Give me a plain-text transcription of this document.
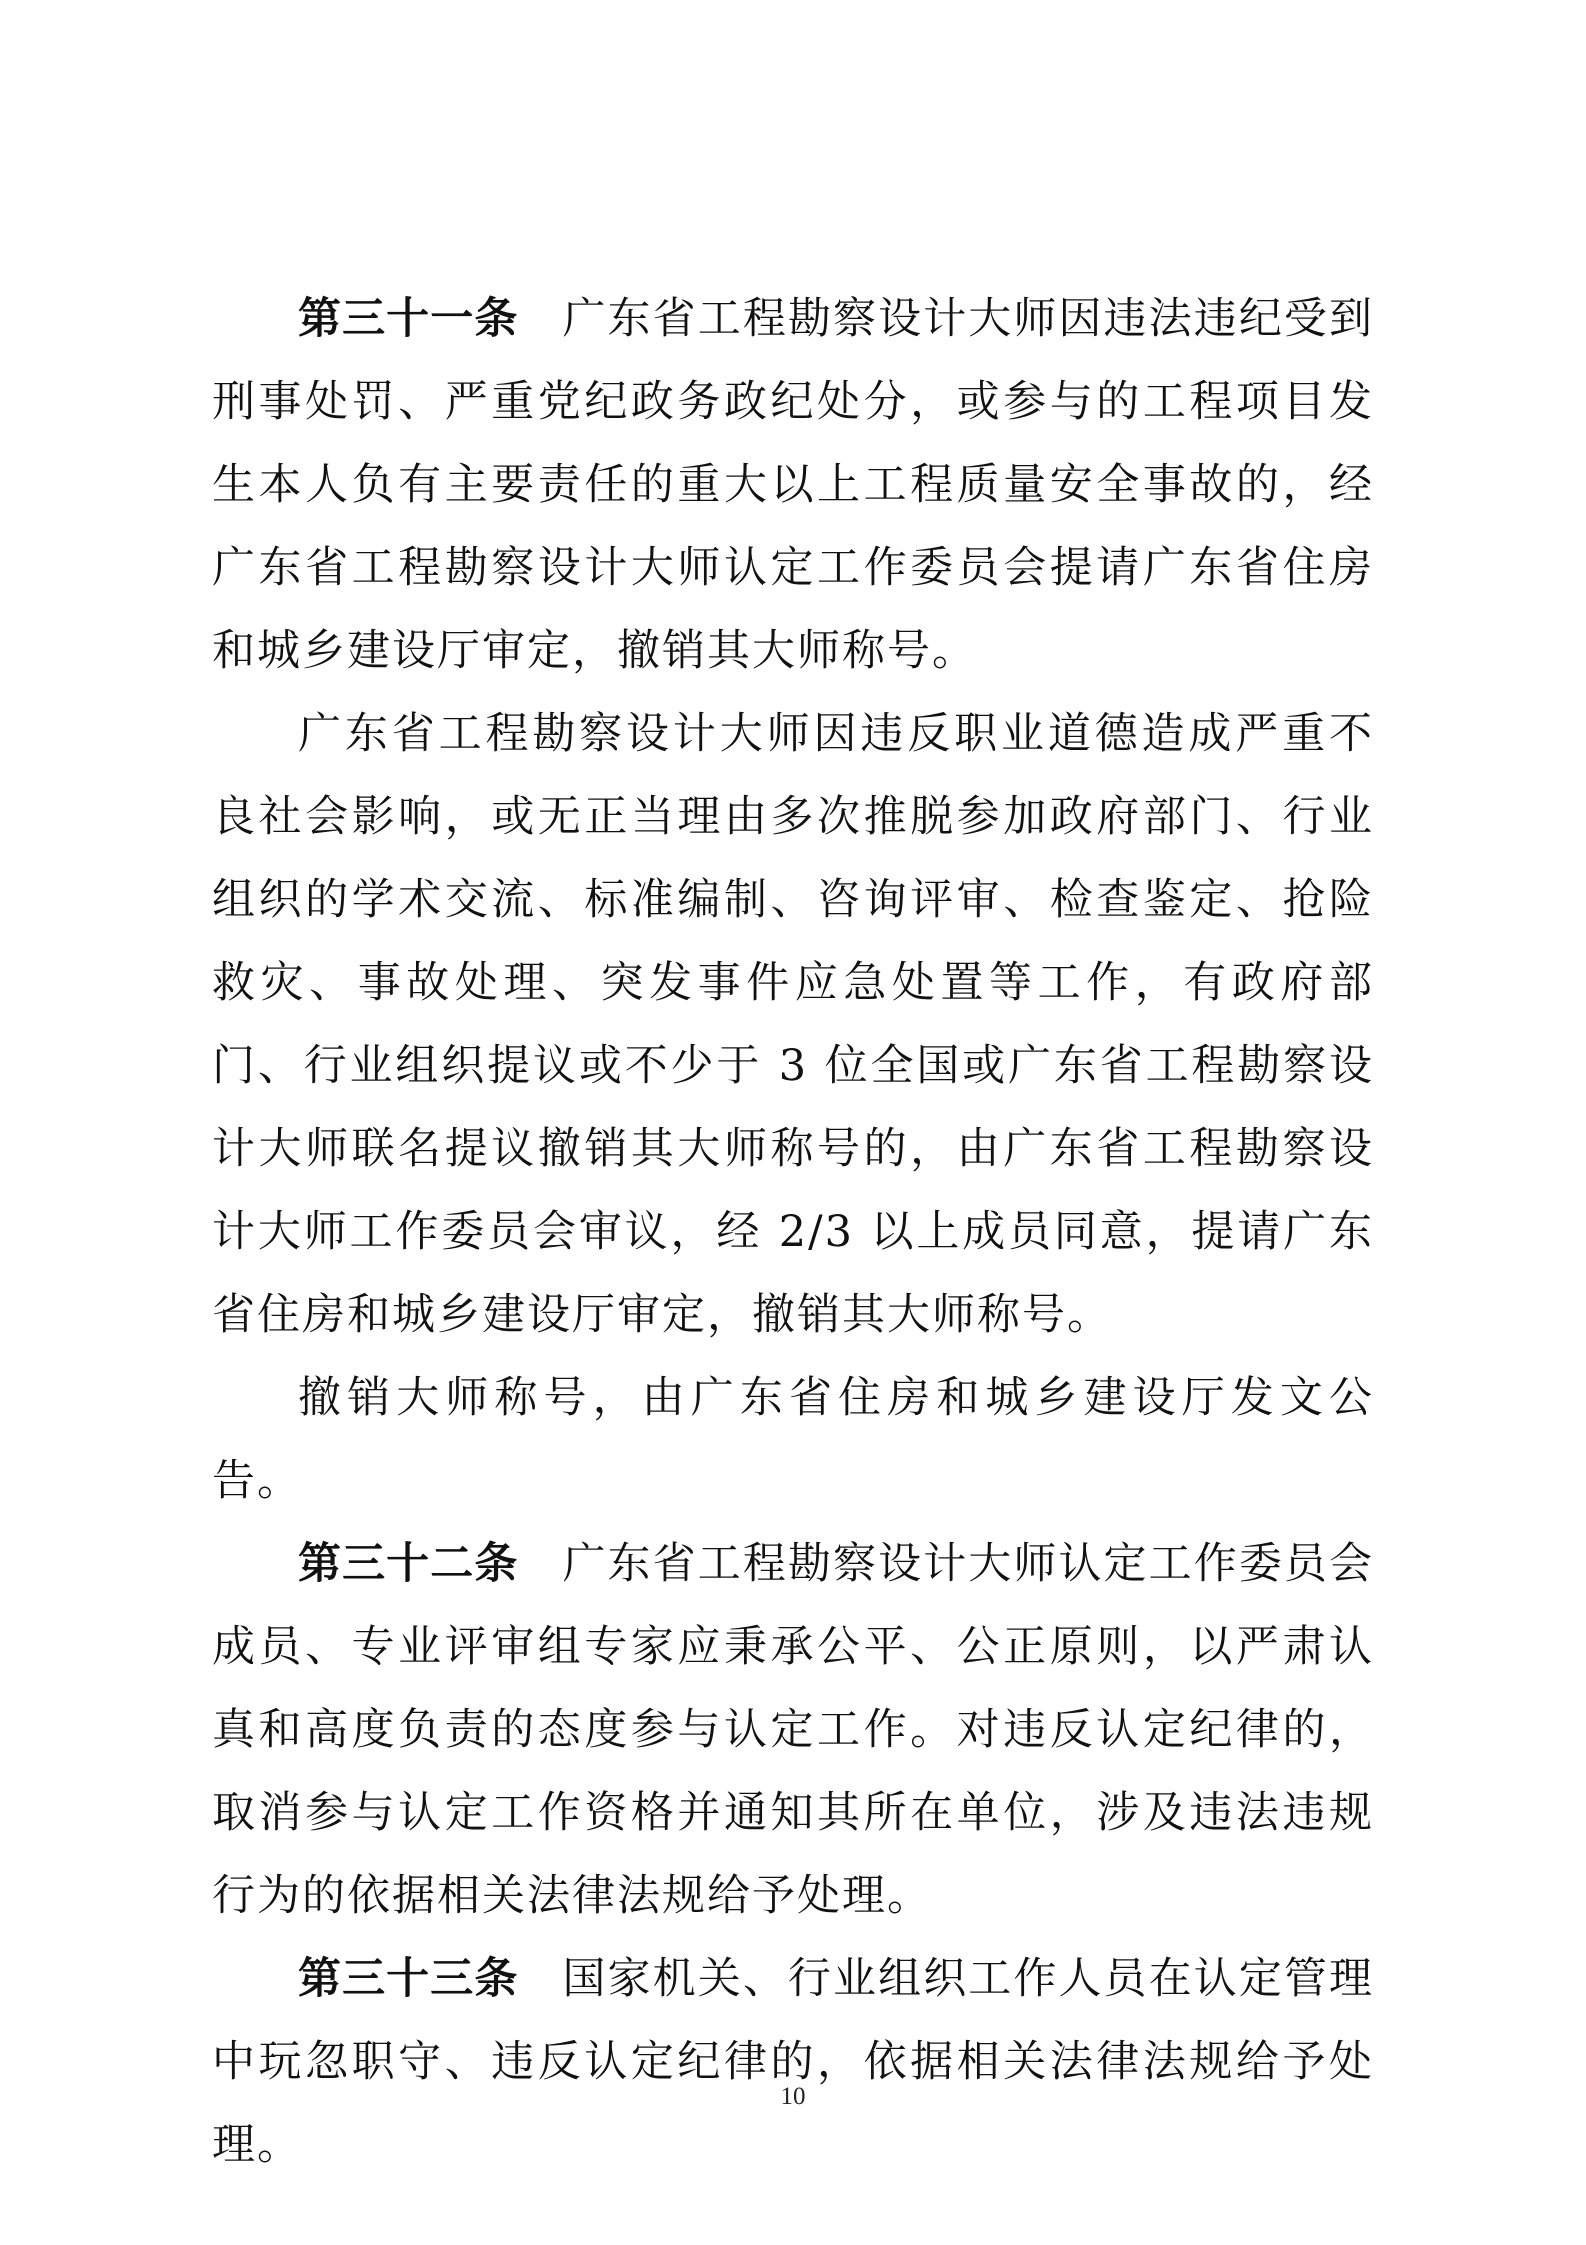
第三十一条 广东省工程勘察设计大师因违法违纪受到刑事处罚、严重党纪政务政纪处分，或参与的工程项目发生本人负有主要责任的重大以上工程质量安全事故的，经广东省工程勘察设计大师认定工作委员会提请广东省住房和城乡建设厅审定，撤销其大师称号。

广东省工程勘察设计大师因违反职业道德造成严重不良社会影响，或无正当理由多次推脱参加政府部门、行业组织的学术交流、标准编制、咨询评审、检查鉴定、抢险救灾、事故处理、突发事件应急处置等工作，有政府部门、行业组织提议或不少于 3 位全国或广东省工程勘察设计大师联名提议撤销其大师称号的，由广东省工程勘察设计大师工作委员会审议，经 2/3 以上成员同意，提请广东省住房和城乡建设厅审定，撤销其大师称号。

撤销大师称号，由广东省住房和城乡建设厅发文公告。

第三十二条 广东省工程勘察设计大师认定工作委员会成员、专业评审组专家应秉承公平、公正原则，以严肃认真和高度负责的态度参与认定工作。对违反认定纪律的，取消参与认定工作资格并通知其所在单位，涉及违法违规行为的依据相关法律法规给予处理。

第三十三条 国家机关、行业组织工作人员在认定管理中玩忽职守、违反认定纪律的，依据相关法律法规给予处理。

10
